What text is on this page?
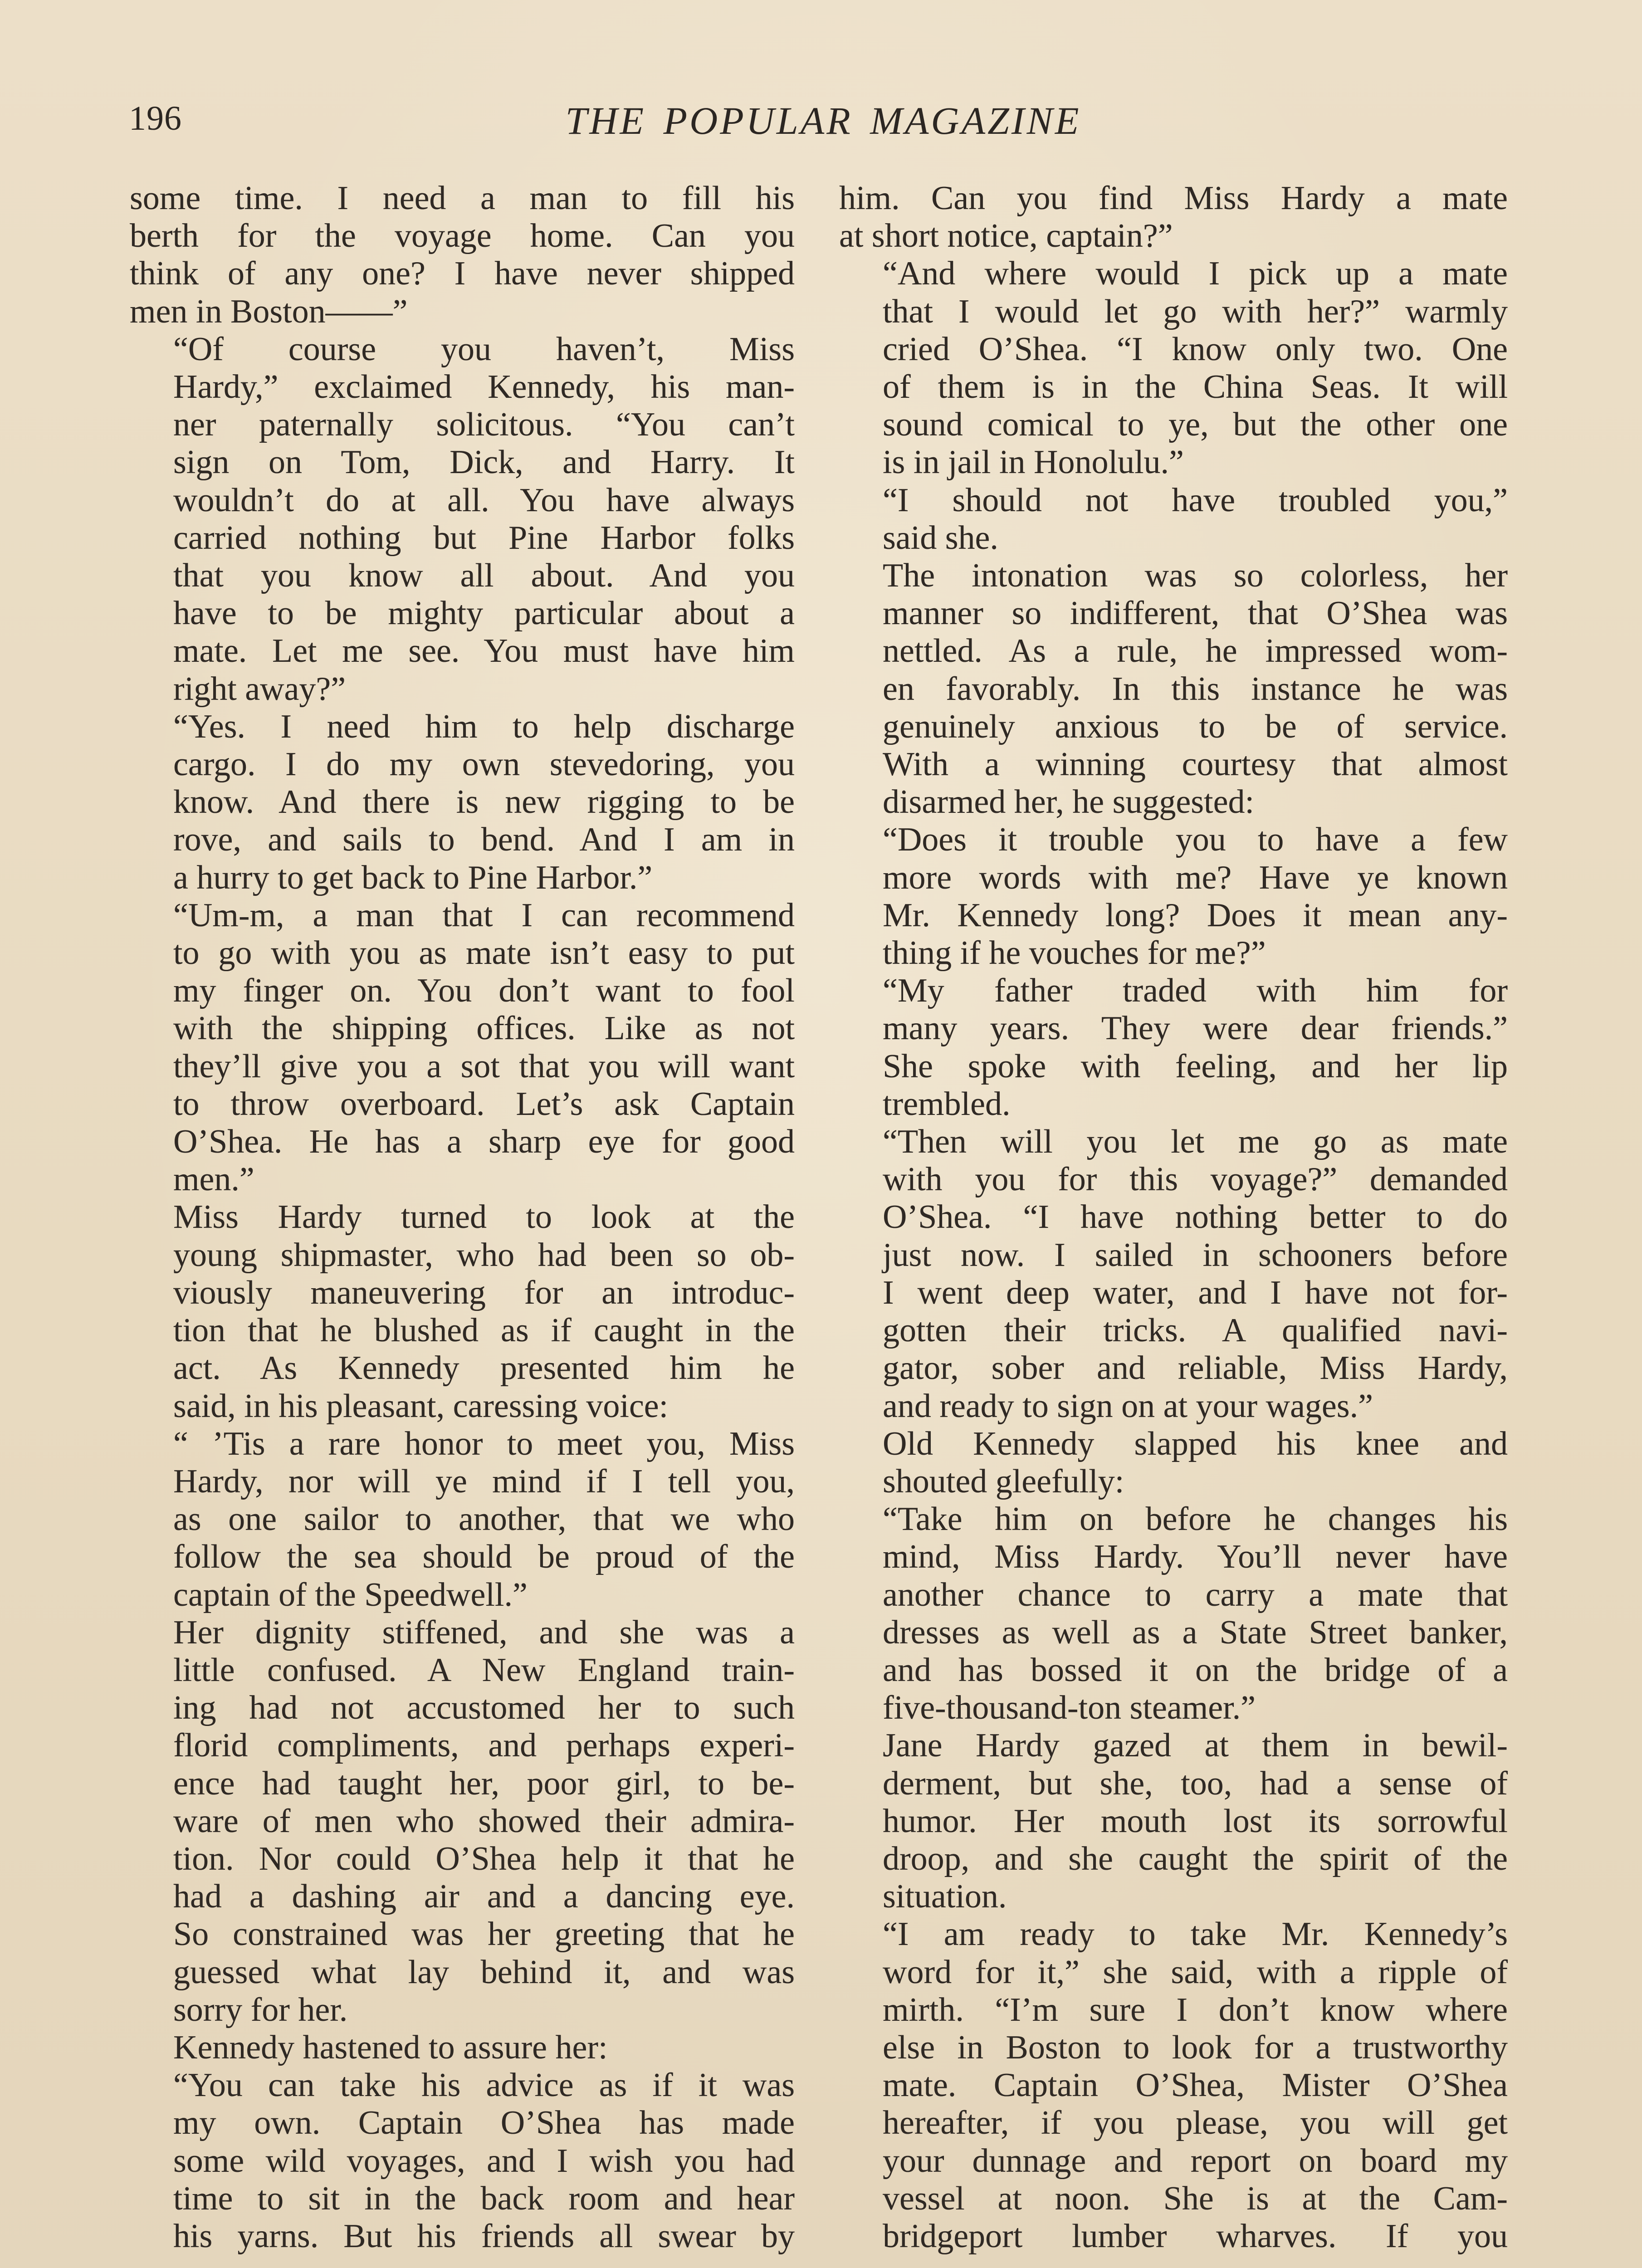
196	THE POPULAR MAGAZINE

some time. I need a man to fill his
berth for the voyage home. Can you
think of any one? I have never shipped
men in Boston——”

“Of course you haven’t, Miss
Hardy,” exclaimed Kennedy, his man-
ner paternally solicitous. “You can’t
sign on Tom, Dick, and Harry. It
wouldn’t do at all. You have always
carried nothing but Pine Harbor folks
that you know all about. And you
have to be mighty particular about a
mate. Let me see. You must have him
right away?”

“Yes. I need him to help discharge
cargo. I do my own stevedoring, you
know. And there is new rigging to be
rove, and sails to bend. And I am in
a hurry to get back to Pine Harbor.”

“Um-m, a man that I can recommend
to go with you as mate isn’t easy to put
my finger on. You don’t want to fool
with the shipping offices. Like as not
they’ll give you a sot that you will want
to throw overboard. Let’s ask Captain
O’Shea. He has a sharp eye for good
men.”

Miss Hardy turned to look at the
young shipmaster, who had been so ob-
viously maneuvering for an introduc-
tion that he blushed as if caught in the
act. As Kennedy presented him he
said, in his pleasant, caressing voice:

“ ’Tis a rare honor to meet you, Miss
Hardy, nor will ye mind if I tell you,
as one sailor to another, that we who
follow the sea should be proud of the
captain of the Speedwell.”

Her dignity stiffened, and she was a
little confused. A New England train-
ing had not accustomed her to such
florid compliments, and perhaps experi-
ence had taught her, poor girl, to be-
ware of men who showed their admira-
tion. Nor could O’Shea help it that he
had a dashing air and a dancing eye.
So constrained was her greeting that he
guessed what lay behind it, and was
sorry for her.

Kennedy hastened to assure her:

“You can take his advice as if it was
my own. Captain O’Shea has made
some wild voyages, and I wish you had
time to sit in the back room and hear
his yarns. But his friends all swear by

him. Can you find Miss Hardy a mate
at short notice, captain?”

“And where would I pick up a mate
that I would let go with her?” warmly
cried O’Shea. “I know only two. One
of them is in the China Seas. It will
sound comical to ye, but the other one
is in jail in Honolulu.”

“I should not have troubled you,”
said she.

The intonation was so colorless, her
manner so indifferent, that O’Shea was
nettled. As a rule, he impressed wom-
en favorably. In this instance he was
genuinely anxious to be of service.
With a winning courtesy that almost
disarmed her, he suggested:

“Does it trouble you to have a few
more words with me? Have ye known
Mr. Kennedy long? Does it mean any-
thing if he vouches for me?”

“My father traded with him for
many years. They were dear friends.”
She spoke with feeling, and her lip
trembled.

“Then will you let me go as mate
with you for this voyage?” demanded
O’Shea. “I have nothing better to do
just now. I sailed in schooners before
I went deep water, and I have not for-
gotten their tricks. A qualified navi-
gator, sober and reliable, Miss Hardy,
and ready to sign on at your wages.”

Old Kennedy slapped his knee and
shouted gleefully:

“Take him on before he changes his
mind, Miss Hardy. You’ll never have
another chance to carry a mate that
dresses as well as a State Street banker,
and has bossed it on the bridge of a
five-thousand-ton steamer.”

Jane Hardy gazed at them in bewil-
derment, but she, too, had a sense of
humor. Her mouth lost its sorrowful
droop, and she caught the spirit of the
situation.

“I am ready to take Mr. Kennedy’s
word for it,” she said, with a ripple of
mirth. “I’m sure I don’t know where
else in Boston to look for a trustworthy
mate. Captain O’Shea, Mister O’Shea
hereafter, if you please, you will get
your dunnage and report on board my
vessel at noon. She is at the Cam-
bridgeport lumber wharves. If you
